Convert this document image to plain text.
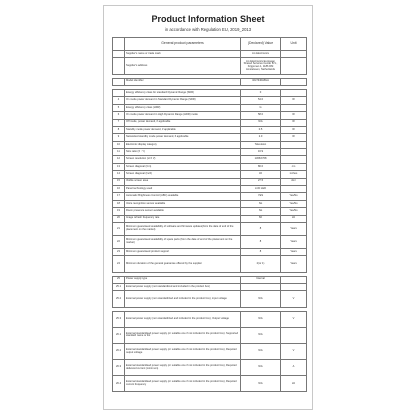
Product Information Sheet
in accordance with Regulation EU, 2019_2013
	General product parameters	(Declared) Value	Unit
	Supplier's name or trade mark	LG Electronics	
	Supplier's address	LG Electronics European Shared Services Center B.V., Krijgsman 1, 1186 DM Amstelveen, Netherlands	

	Model identifier	32LT340HBLA	

	Energy efficiency class for standard Dynamic Range (SDR)	F	
4	On mode power demand in Standard Dynamic Range (SDR)	54.0	W
5	Energy efficiency class (HDR)	G	
6	On mode power demand in High Dynamic Range (HDR) mode	58.0	W
7	Off mode, power demand, if applicable	N/A	W
8	Standby mode power demand, if applicable	0.5	W
9	Networked standby mode power demand, if applicable	2.0	W
10	Electronic display category	Television	
11	Size ratio (X : Y)	16:9	
12	Screen resolution (H X V)	1366X768	
13	Screen diagonal (Cm)	80.0	cm
14	Screen diagonal (Inch)	32	inches
15	Visible screen area	27.5	dm²
16	Panel technology used	LCD LED	
17	Automatic Brightness Control (ABC) available	YES	Yes/No
18	Voice recognition sensor available	No	Yes/No
19	Room presence sensor available	No	Yes/No
20	Image refresh frequency rate	60	Hz
21	Minimum guaranteed availability of software and firmware updates(from the date of end of the placement on the market)	8	Years
22	Minimum guaranteed availability of spare parts (from the date of end of the placement on the market)	8	Years
23	Minimum guaranteed product support	8	Years
24	Minimum duration of the general guarantee offered by the supplier	2(or 1)	Years

25	Power supply type	Internal	
25.1	External power supply (not standardized and included in the product box)		
25.2	External power supply (non standardized and included in the product box), input voltage	N/A	V

25.3	External power supply (non standardized and included in the product box), Output voltage	N/A	V
26.1	External standardised power supply (or suitable one if not included in the product box). Supported standard name or list	N/A	
26.2	External standardised power supply (or suitable one if not included in the product box), Required output voltage	N/A	V
26.3	External standardised power supply (or suitable one if not included in the product box), Required delivered current (minimum)	N/A	A
26.4	External standardised power supply (or suitable one if not included in the product box), Required current frequency	N/A	Hz
